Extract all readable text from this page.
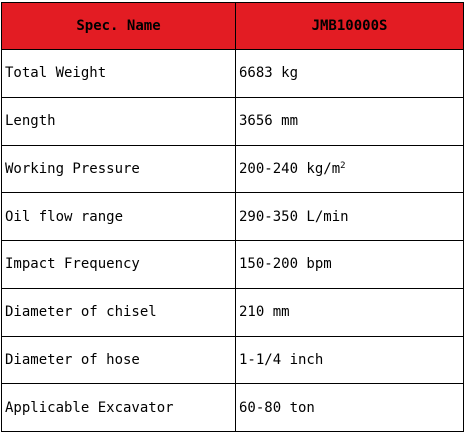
Spec. Name	JMB10000S
Total Weight	6683 kg
Length	3656 mm
Working Pressure	200-240 $kg/m^2$
Oil flow range	290-350 L/min
Impact Frequency	150-200 bpm
Diameter of chisel	210 mm
Diameter of hose	1-1/4 inch
Applicable Excavator	60-80 ton
